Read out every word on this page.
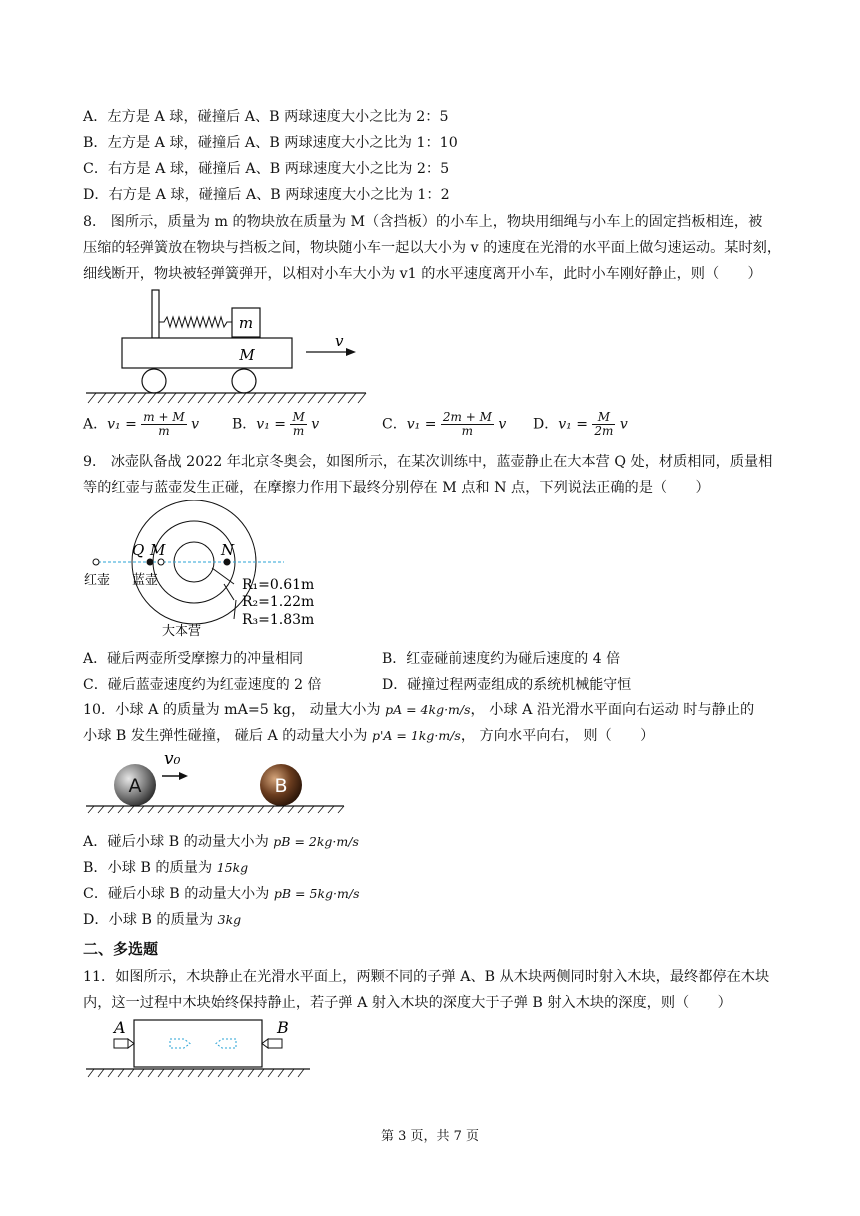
A．左方是 A 球，碰撞后 A、B 两球速度大小之比为 2：5
B．左方是 A 球，碰撞后 A、B 两球速度大小之比为 1：10
C．右方是 A 球，碰撞后 A、B 两球速度大小之比为 2：5
D．右方是 A 球，碰撞后 A、B 两球速度大小之比为 1：2
8． 图所示，质量为 m 的物块放在质量为 M（含挡板）的小车上，物块用细绳与小车上的固定挡板相连，被
压缩的轻弹簧放在物块与挡板之间，物块随小车一起以大小为 v 的速度在光滑的水平面上做匀速运动。某时刻，
细线断开，物块被轻弹簧弹开，以相对小车大小为 v1 的水平速度离开小车，此时小车刚好静止，则（　　）
m
M
v
A．$v_1 = \frac{m + M}{m}$ v B．$v_1 = \frac{M}{m}$ v	C．$v_1 = \frac{2m + M}{m}$ v D．$v_1 = \frac{M}{2m}$ v
9． 冰壶队备战 2022 年北京冬奥会，如图所示，在某次训练中，蓝壶静止在大本营 Q 处，材质相同，质量相
等的红壶与蓝壶发生正碰，在摩擦力作用下最终分别停在 M 点和 N 点，下列说法正确的是（　　）
Q M	N
红壶 蓝壶
大本营
R₁=0.61m
R₂=1.22m
R₃=1.83m
A．碰后两壶所受摩擦力的冲量相同	B．红壶碰前速度约为碰后速度的 4 倍
C．碰后蓝壶速度约为红壶速度的 2 倍	D．碰撞过程两壶组成的系统机械能守恒
10．小球 A 的质量为 mA=5 kg， 动量大小为 pA = 4kg·m/s， 小球 A 沿光滑水平面向右运动 时与静止的
小球 B 发生弹性碰撞， 碰后 A 的动量大小为 p'A = 1kg·m/s， 方向水平向右， 则（　　）
A	B
v₀
A．碰后小球 B 的动量大小为 pB = 2kg·m/s
B．小球 B 的质量为 15kg
C．碰后小球 B 的动量大小为 pB = 5kg·m/s
D．小球 B 的质量为 3kg
二、多选题
11．如图所示，木块静止在光滑水平面上，两颗不同的子弹 A、B 从木块两侧同时射入木块，最终都停在木块
内，这一过程中木块始终保持静止，若子弹 A 射入木块的深度大于子弹 B 射入木块的深度，则（　　）
A	B
第 3 页，共 7 页
